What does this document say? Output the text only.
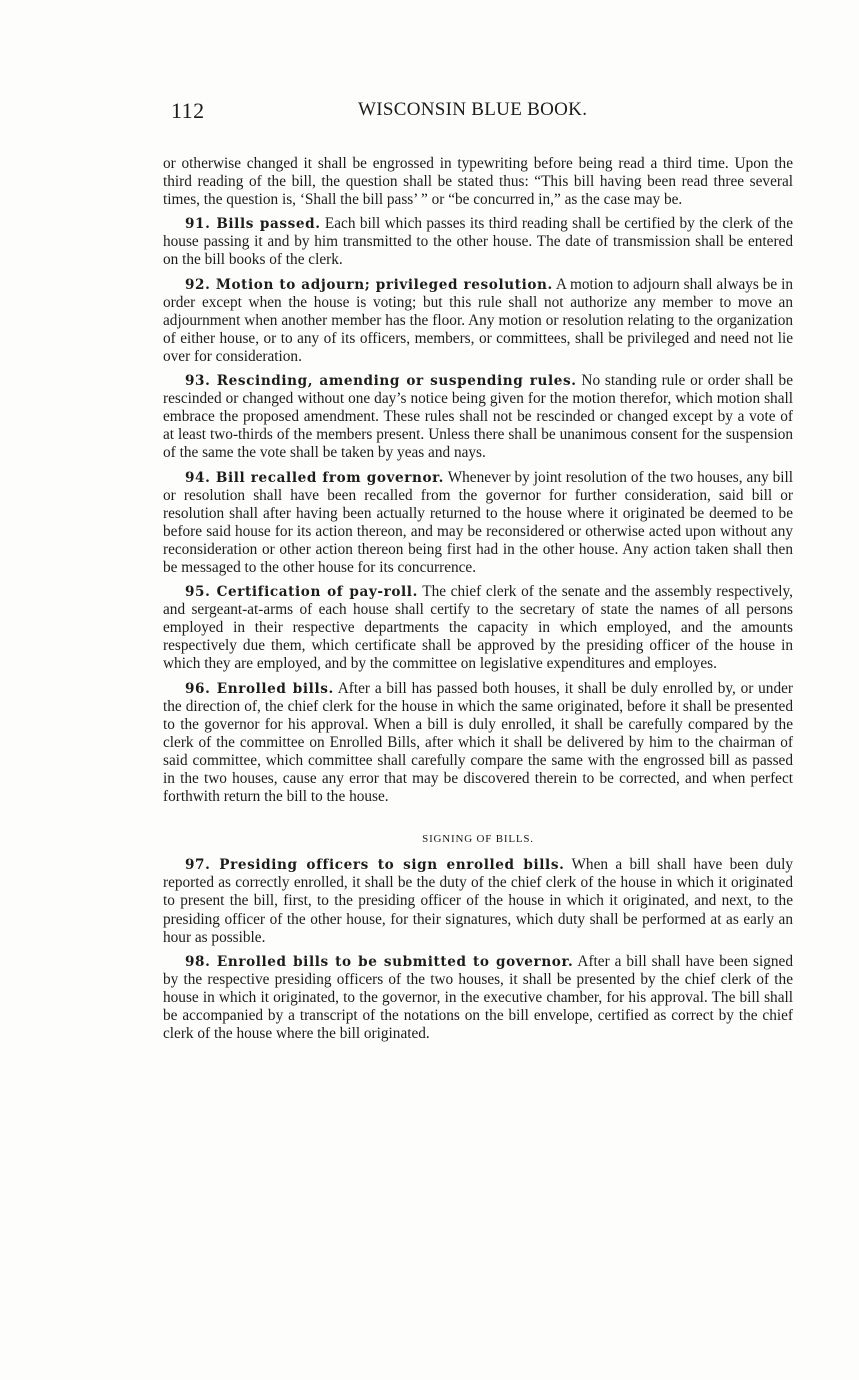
112	WISCONSIN BLUE BOOK.

or otherwise changed it shall be engrossed in typewriting before being read a third time. Upon the third reading of the bill, the question shall be stated thus: “This bill having been read three several times, the question is, ‘Shall the bill pass’ ” or “be concurred in,” as the case may be.

91. Bills passed. Each bill which passes its third reading shall be certified by the clerk of the house passing it and by him transmitted to the other house. The date of transmission shall be entered on the bill books of the clerk.

92. Motion to adjourn; privileged resolution. A motion to adjourn shall always be in order except when the house is voting; but this rule shall not authorize any member to move an adjournment when another member has the floor. Any motion or resolution relating to the organization of either house, or to any of its officers, members, or committees, shall be privileged and need not lie over for consideration.

93. Rescinding, amending or suspending rules. No standing rule or order shall be rescinded or changed without one day’s notice being given for the motion therefor, which motion shall embrace the proposed amendment. These rules shall not be rescinded or changed except by a vote of at least two-thirds of the members present. Unless there shall be unanimous consent for the suspension of the same the vote shall be taken by yeas and nays.

94. Bill recalled from governor. Whenever by joint resolution of the two houses, any bill or resolution shall have been recalled from the governor for further consideration, said bill or resolution shall after having been actually returned to the house where it originated be deemed to be before said house for its action thereon, and may be reconsidered or otherwise acted upon without any reconsideration or other action thereon being first had in the other house. Any action taken shall then be messaged to the other house for its concurrence.

95. Certification of pay-roll. The chief clerk of the senate and the assembly respectively, and sergeant-at-arms of each house shall certify to the secretary of state the names of all persons employed in their respective departments the capacity in which employed, and the amounts respectively due them, which certificate shall be approved by the presiding officer of the house in which they are employed, and by the committee on legislative expenditures and employes.

96. Enrolled bills. After a bill has passed both houses, it shall be duly enrolled by, or under the direction of, the chief clerk for the house in which the same originated, before it shall be presented to the governor for his approval. When a bill is duly enrolled, it shall be carefully compared by the clerk of the committee on Enrolled Bills, after which it shall be delivered by him to the chairman of said committee, which committee shall carefully compare the same with the engrossed bill as passed in the two houses, cause any error that may be discovered therein to be corrected, and when perfect forthwith return the bill to the house.

SIGNING OF BILLS.

97. Presiding officers to sign enrolled bills. When a bill shall have been duly reported as correctly enrolled, it shall be the duty of the chief clerk of the house in which it originated to present the bill, first, to the presiding officer of the house in which it originated, and next, to the presiding officer of the other house, for their signatures, which duty shall be performed at as early an hour as possible.

98. Enrolled bills to be submitted to governor. After a bill shall have been signed by the respective presiding officers of the two houses, it shall be presented by the chief clerk of the house in which it originated, to the governor, in the executive chamber, for his approval. The bill shall be accompanied by a transcript of the notations on the bill envelope, certified as correct by the chief clerk of the house where the bill originated.
